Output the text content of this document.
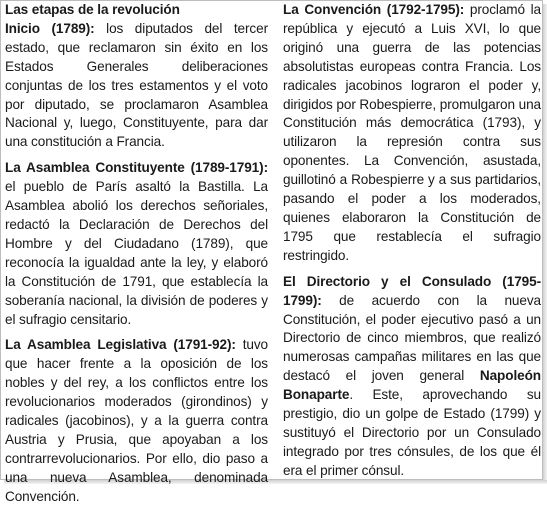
Las etapas de la revolución
Inicio (1789): los diputados del tercer estado, que reclamaron sin éxito en los Estados Generales deliberaciones conjuntas de los tres estamentos y el voto por diputado, se proclamaron Asamblea Nacional y, luego, Constituyente, para dar una constitución a Francia.

La Asamblea Constituyente (1789-1791): el pueblo de París asaltó la Bastilla. La Asamblea abolió los derechos señoriales, redactó la Declaración de Derechos del Hombre y del Ciudadano (1789), que reconocía la igualdad ante la ley, y elaboró la Constitución de 1791, que establecía la soberanía nacional, la división de poderes y el sufragio censitario.

La Asamblea Legislativa (1791-92): tuvo que hacer frente a la oposición de los nobles y del rey, a los conflictos entre los revolucionarios moderados (girondinos) y radicales (jacobinos), y a la guerra contra Austria y Prusia, que apoyaban a los contrarrevolucionarios. Por ello, dio paso a una nueva Asamblea, denominada Convención.

La Convención (1792-1795): proclamó la república y ejecutó a Luis XVI, lo que originó una guerra de las potencias absolutistas europeas contra Francia. Los radicales jacobinos lograron el poder y, dirigidos por Robespierre, promulgaron una Constitución más democrática (1793), y utilizaron la represión contra sus oponentes. La Convención, asustada, guillotinó a Robespierre y a sus partidarios, pasando el poder a los moderados, quienes elaboraron la Constitución de 1795 que restablecía el sufragio restringido.

El Directorio y el Consulado (1795-1799): de acuerdo con la nueva Constitución, el poder ejecutivo pasó a un Directorio de cinco miembros, que realizó numerosas campañas militares en las que destacó el joven general Napoleón Bonaparte. Este, aprovechando su prestigio, dio un golpe de Estado (1799) y sustituyó el Directorio por un Consulado integrado por tres cónsules, de los que él era el primer cónsul.
